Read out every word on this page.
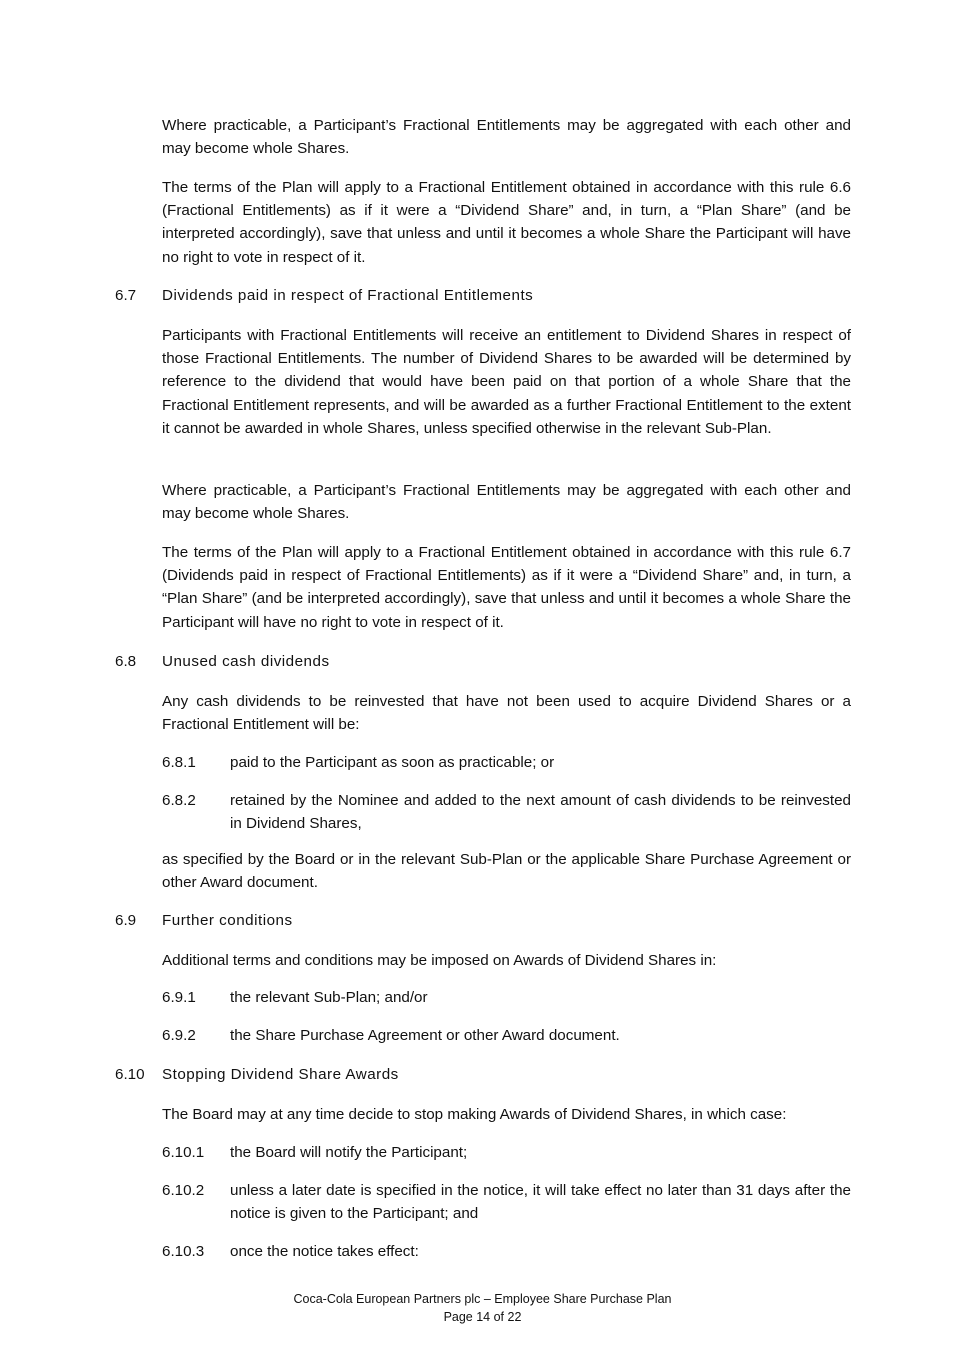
Where practicable, a Participant’s Fractional Entitlements may be aggregated with each other and may become whole Shares.

The terms of the Plan will apply to a Fractional Entitlement obtained in accordance with this rule 6.6 (Fractional Entitlements) as if it were a “Dividend Share” and, in turn, a “Plan Share” (and be interpreted accordingly), save that unless and until it becomes a whole Share the Participant will have no right to vote in respect of it.

6.7 Dividends paid in respect of Fractional Entitlements

Participants with Fractional Entitlements will receive an entitlement to Dividend Shares in respect of those Fractional Entitlements. The number of Dividend Shares to be awarded will be determined by reference to the dividend that would have been paid on that portion of a whole Share that the Fractional Entitlement represents, and will be awarded as a further Fractional Entitlement to the extent it cannot be awarded in whole Shares, unless specified otherwise in the relevant Sub-Plan.

Where practicable, a Participant’s Fractional Entitlements may be aggregated with each other and may become whole Shares.

The terms of the Plan will apply to a Fractional Entitlement obtained in accordance with this rule 6.7 (Dividends paid in respect of Fractional Entitlements) as if it were a “Dividend Share” and, in turn, a “Plan Share” (and be interpreted accordingly), save that unless and until it becomes a whole Share the Participant will have no right to vote in respect of it.

6.8 Unused cash dividends

Any cash dividends to be reinvested that have not been used to acquire Dividend Shares or a Fractional Entitlement will be:

6.8.1 paid to the Participant as soon as practicable; or
6.8.2 retained by the Nominee and added to the next amount of cash dividends to be reinvested in Dividend Shares,

as specified by the Board or in the relevant Sub-Plan or the applicable Share Purchase Agreement or other Award document.

6.9 Further conditions

Additional terms and conditions may be imposed on Awards of Dividend Shares in:

6.9.1 the relevant Sub-Plan; and/or
6.9.2 the Share Purchase Agreement or other Award document.
6.10 Stopping Dividend Share Awards

The Board may at any time decide to stop making Awards of Dividend Shares, in which case:

6.10.1 the Board will notify the Participant;
6.10.2 unless a later date is specified in the notice, it will take effect no later than 31 days after the notice is given to the Participant; and
6.10.3 once the notice takes effect:
Coca-Cola European Partners plc – Employee Share Purchase Plan
Page 14 of 22
